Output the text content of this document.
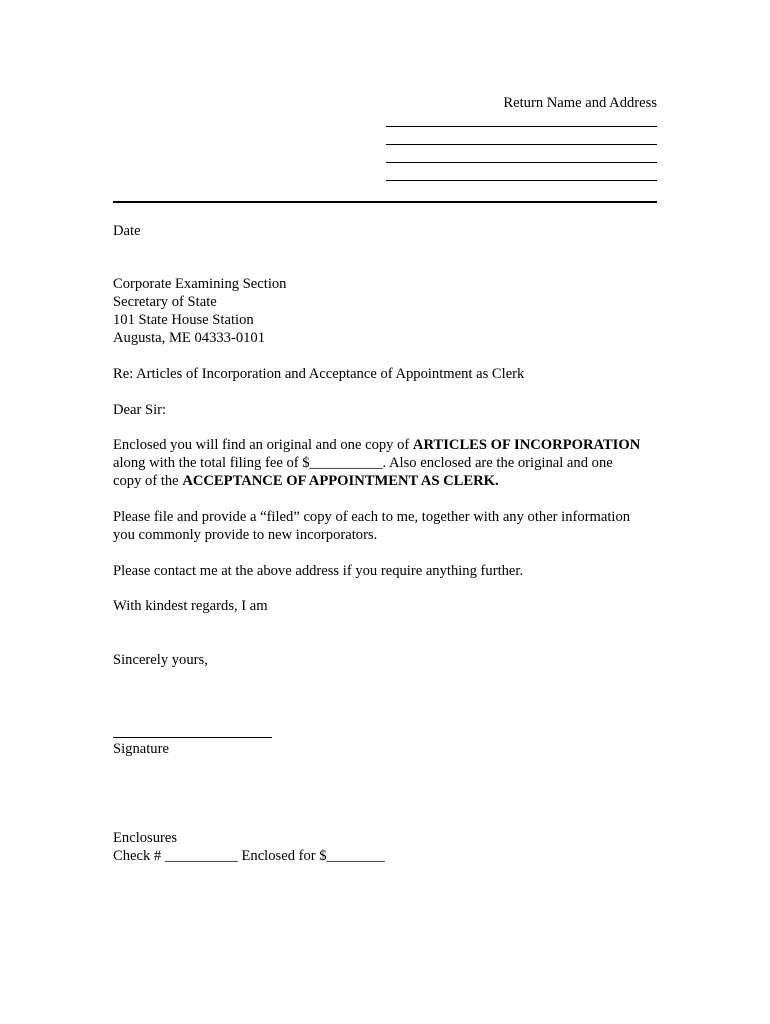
Return Name and Address
Date
Corporate Examining Section
Secretary of State
101 State House Station
Augusta, ME 04333-0101
Re: Articles of Incorporation and Acceptance of Appointment as Clerk
Dear Sir:
Enclosed you will find an original and one copy of ARTICLES OF INCORPORATION
along with the total filing fee of $__________. Also enclosed are the original and one
copy of the ACCEPTANCE OF APPOINTMENT AS CLERK.
Please file and provide a “filed” copy of each to me, together with any other information
you commonly provide to new incorporators.
Please contact me at the above address if you require anything further.
With kindest regards, I am
Sincerely yours,
Signature
Enclosures
Check # __________ Enclosed for $________
